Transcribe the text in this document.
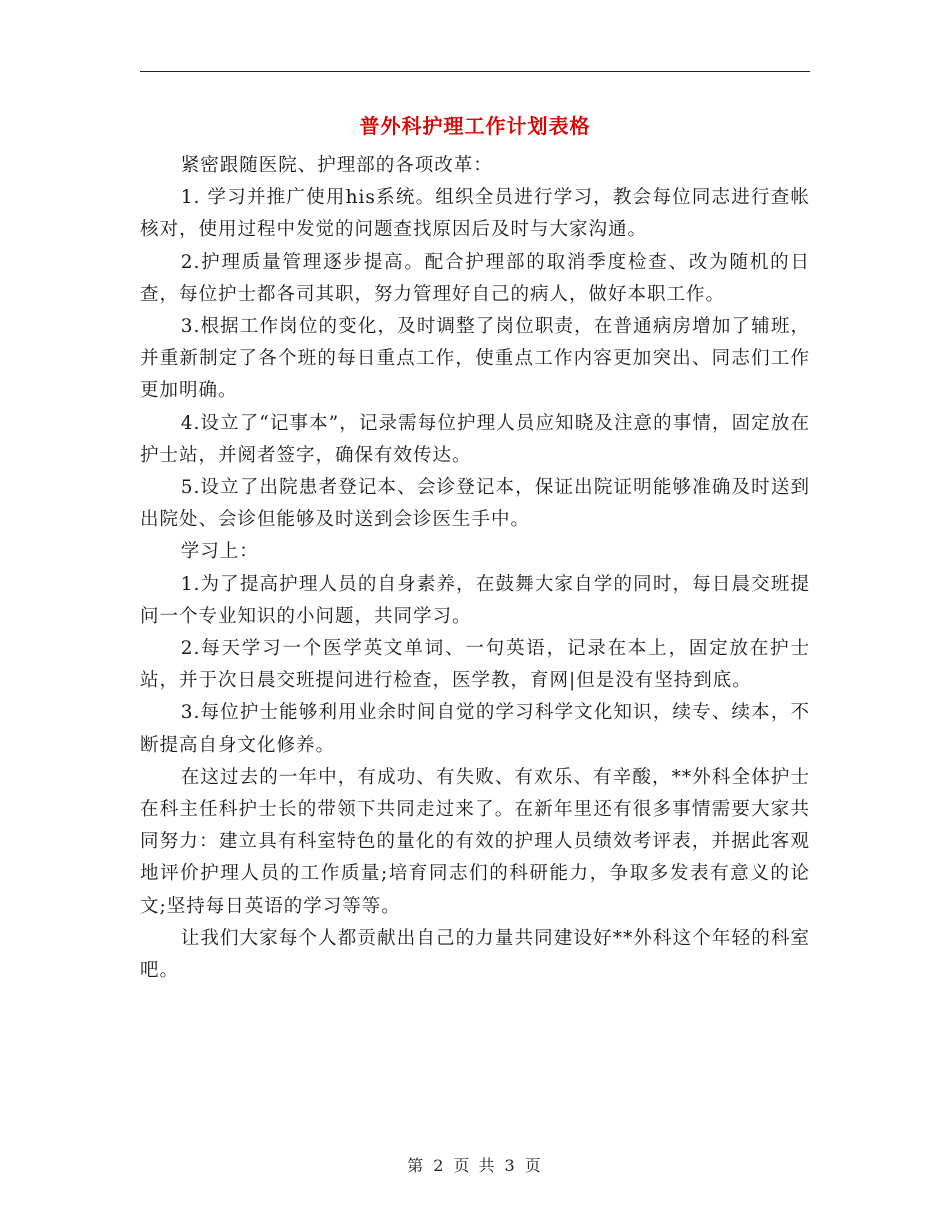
普外科护理工作计划表格

紧密跟随医院、护理部的各项改革：

1. 学习并推广使用his系统。组织全员进行学习，教会每位同志进行查帐核对，使用过程中发觉的问题查找原因后及时与大家沟通。

2.护理质量管理逐步提高。配合护理部的取消季度检查、改为随机的日查，每位护士都各司其职，努力管理好自己的病人，做好本职工作。

3.根据工作岗位的变化，及时调整了岗位职责，在普通病房增加了辅班，并重新制定了各个班的每日重点工作，使重点工作内容更加突出、同志们工作更加明确。

4.设立了“记事本”，记录需每位护理人员应知晓及注意的事情，固定放在护士站，并阅者签字，确保有效传达。

5.设立了出院患者登记本、会诊登记本，保证出院证明能够准确及时送到出院处、会诊但能够及时送到会诊医生手中。

学习上：

1.为了提高护理人员的自身素养，在鼓舞大家自学的同时，每日晨交班提问一个专业知识的小问题，共同学习。

2.每天学习一个医学英文单词、一句英语，记录在本上，固定放在护士站，并于次日晨交班提问进行检查，医学教，育网|但是没有坚持到底。

3.每位护士能够利用业余时间自觉的学习科学文化知识，续专、续本，不断提高自身文化修养。

在这过去的一年中，有成功、有失败、有欢乐、有辛酸，**外科全体护士在科主任科护士长的带领下共同走过来了。在新年里还有很多事情需要大家共同努力：建立具有科室特色的量化的有效的护理人员绩效考评表，并据此客观地评价护理人员的工作质量;培育同志们的科研能力，争取多发表有意义的论文;坚持每日英语的学习等等。

让我们大家每个人都贡献出自己的力量共同建设好**外科这个年轻的科室吧。

第 2 页 共 3 页
